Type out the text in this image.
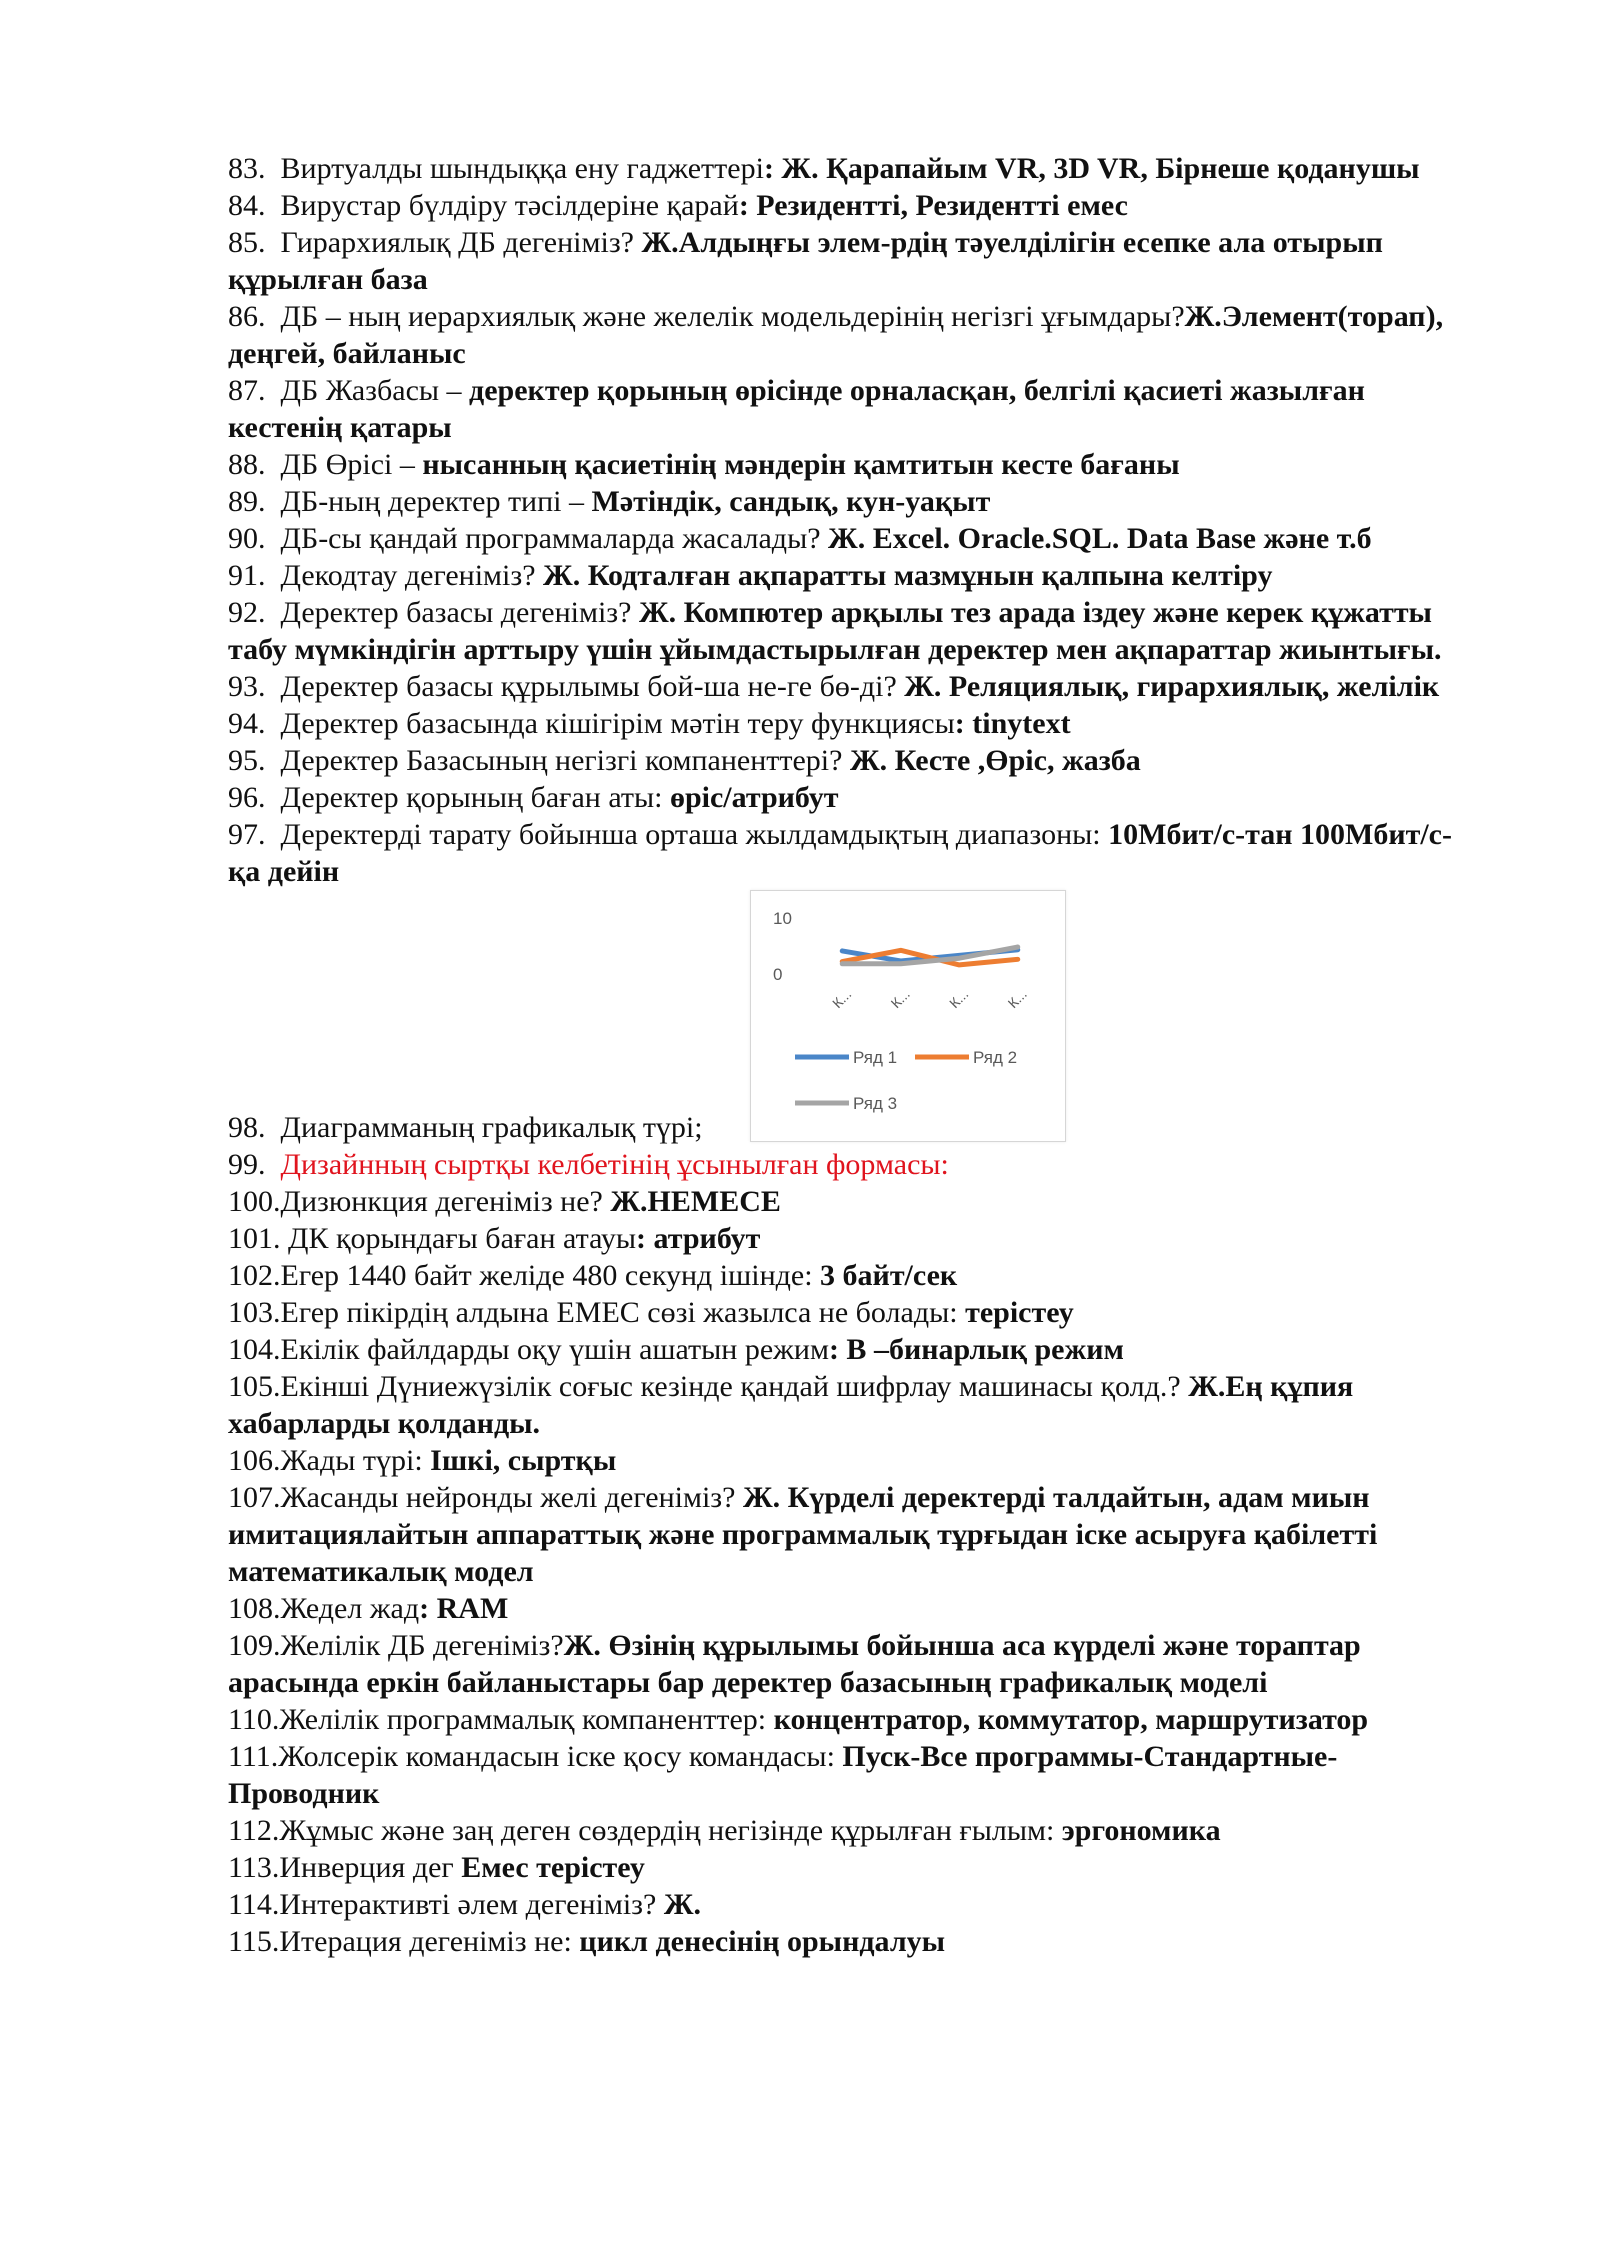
83. Виртуалды шындыққа ену гаджеттері: Ж. Қарапайым VR, 3D VR, Бірнеше қоданушы

84. Вирустар бүлдіру тәсілдеріне қарай: Резидентті, Резидентті емес

85. Гирархиялық ДБ дегеніміз? Ж.Алдыңғы элем-рдің тәуелділігін есепке ала отырып құрылған база

86. ДБ – ның иерархиялық және желелік модельдерінің негізгі ұғымдары?Ж.Элемент(торап), деңгей, байланыс

87. ДБ Жазбасы – деректер қорының өрісінде орналасқан, белгілі қасиеті жазылған кестенің қатары

88. ДБ Өрісі – нысанның қасиетінің мәндерін қамтитын кесте бағаны

89. ДБ-ның деректер типі – Мәтіндік, сандық, кун-уақыт

90. ДБ-сы қандай программаларда жасалады? Ж. Excel. Oracle.SQL. Data Base және т.б

91. Декодтау дегеніміз? Ж. Кодталған ақпаратты мазмұнын қалпына келтіру

92. Деректер базасы дегеніміз? Ж. Компютер арқылы тез арада іздеу және керек құжатты табу мүмкіндігін арттыру үшін ұйымдастырылған деректер мен ақпараттар жиынтығы.

93. Деректер базасы құрылымы бой-ша не-ге бө-ді? Ж. Реляциялық, гирархиялық, желілік

94. Деректер базасында кішігірім мәтін теру функциясы: tinytext

95. Деректер Базасының негізгі компаненттері? Ж. Кесте ,Өріс, жазба

96.  Деректер қорының баған аты: өріс/атрибут

97.  Деректерді тарату бойынша орташа жылдамдықтың диапазоны: 10Мбит/с-тан 100Мбит/с-қа дейін

98. Диаграмманың графикалық түрі;

10
0
К... К... К... К...
Ряд 1	Ряд 2
Ряд 3

99. Дизайнның сыртқы келбетінің ұсынылған формасы:

100.Дизюнкция дегеніміз не? Ж.НЕМЕСЕ

101. ДК қорындағы баған атауы: атрибут

102.Егер 1440 байт желіде 480 секунд ішінде: 3 байт/сек

103.Егер пікірдің алдына ЕМЕС сөзі жазылса не болады: терістеу

104.Екілік файлдарды оқу үшін ашатын режим: В –бинарлық режим

105.Екінші Дүниежүзілік соғыс кезінде қандай шифрлау машинасы қолд.? Ж.Ең құпия хабарларды қолданды.

106.Жады түрі: Ішкі, сыртқы

107.Жасанды нейронды желі дегеніміз? Ж. Күрделі деректерді талдайтын, адам миын имитациялайтын аппараттық және программалық тұрғыдан іске асыруға қабілетті математикалық модел

108.Жедел жад: RAM

109.Желілік ДБ дегеніміз?Ж. Өзінің құрылымы бойынша аса күрделі және тораптар арасында еркін байланыстары бар деректер базасының графикалық моделі

110.Желілік программалық компаненттер: концентратор, коммутатор, маршрутизатор

111.Жолсерік командасын іске қосу командасы: Пуск-Все программы-Стандартные-Проводник

112.Жұмыс және заң деген сөздердің негізінде құрылған ғылым: эргономика

113.Инверция дег Емес терістеу

114.Интерактивті әлем дегеніміз? Ж.

115.Итерация дегеніміз не: цикл денесінің орындалуы
